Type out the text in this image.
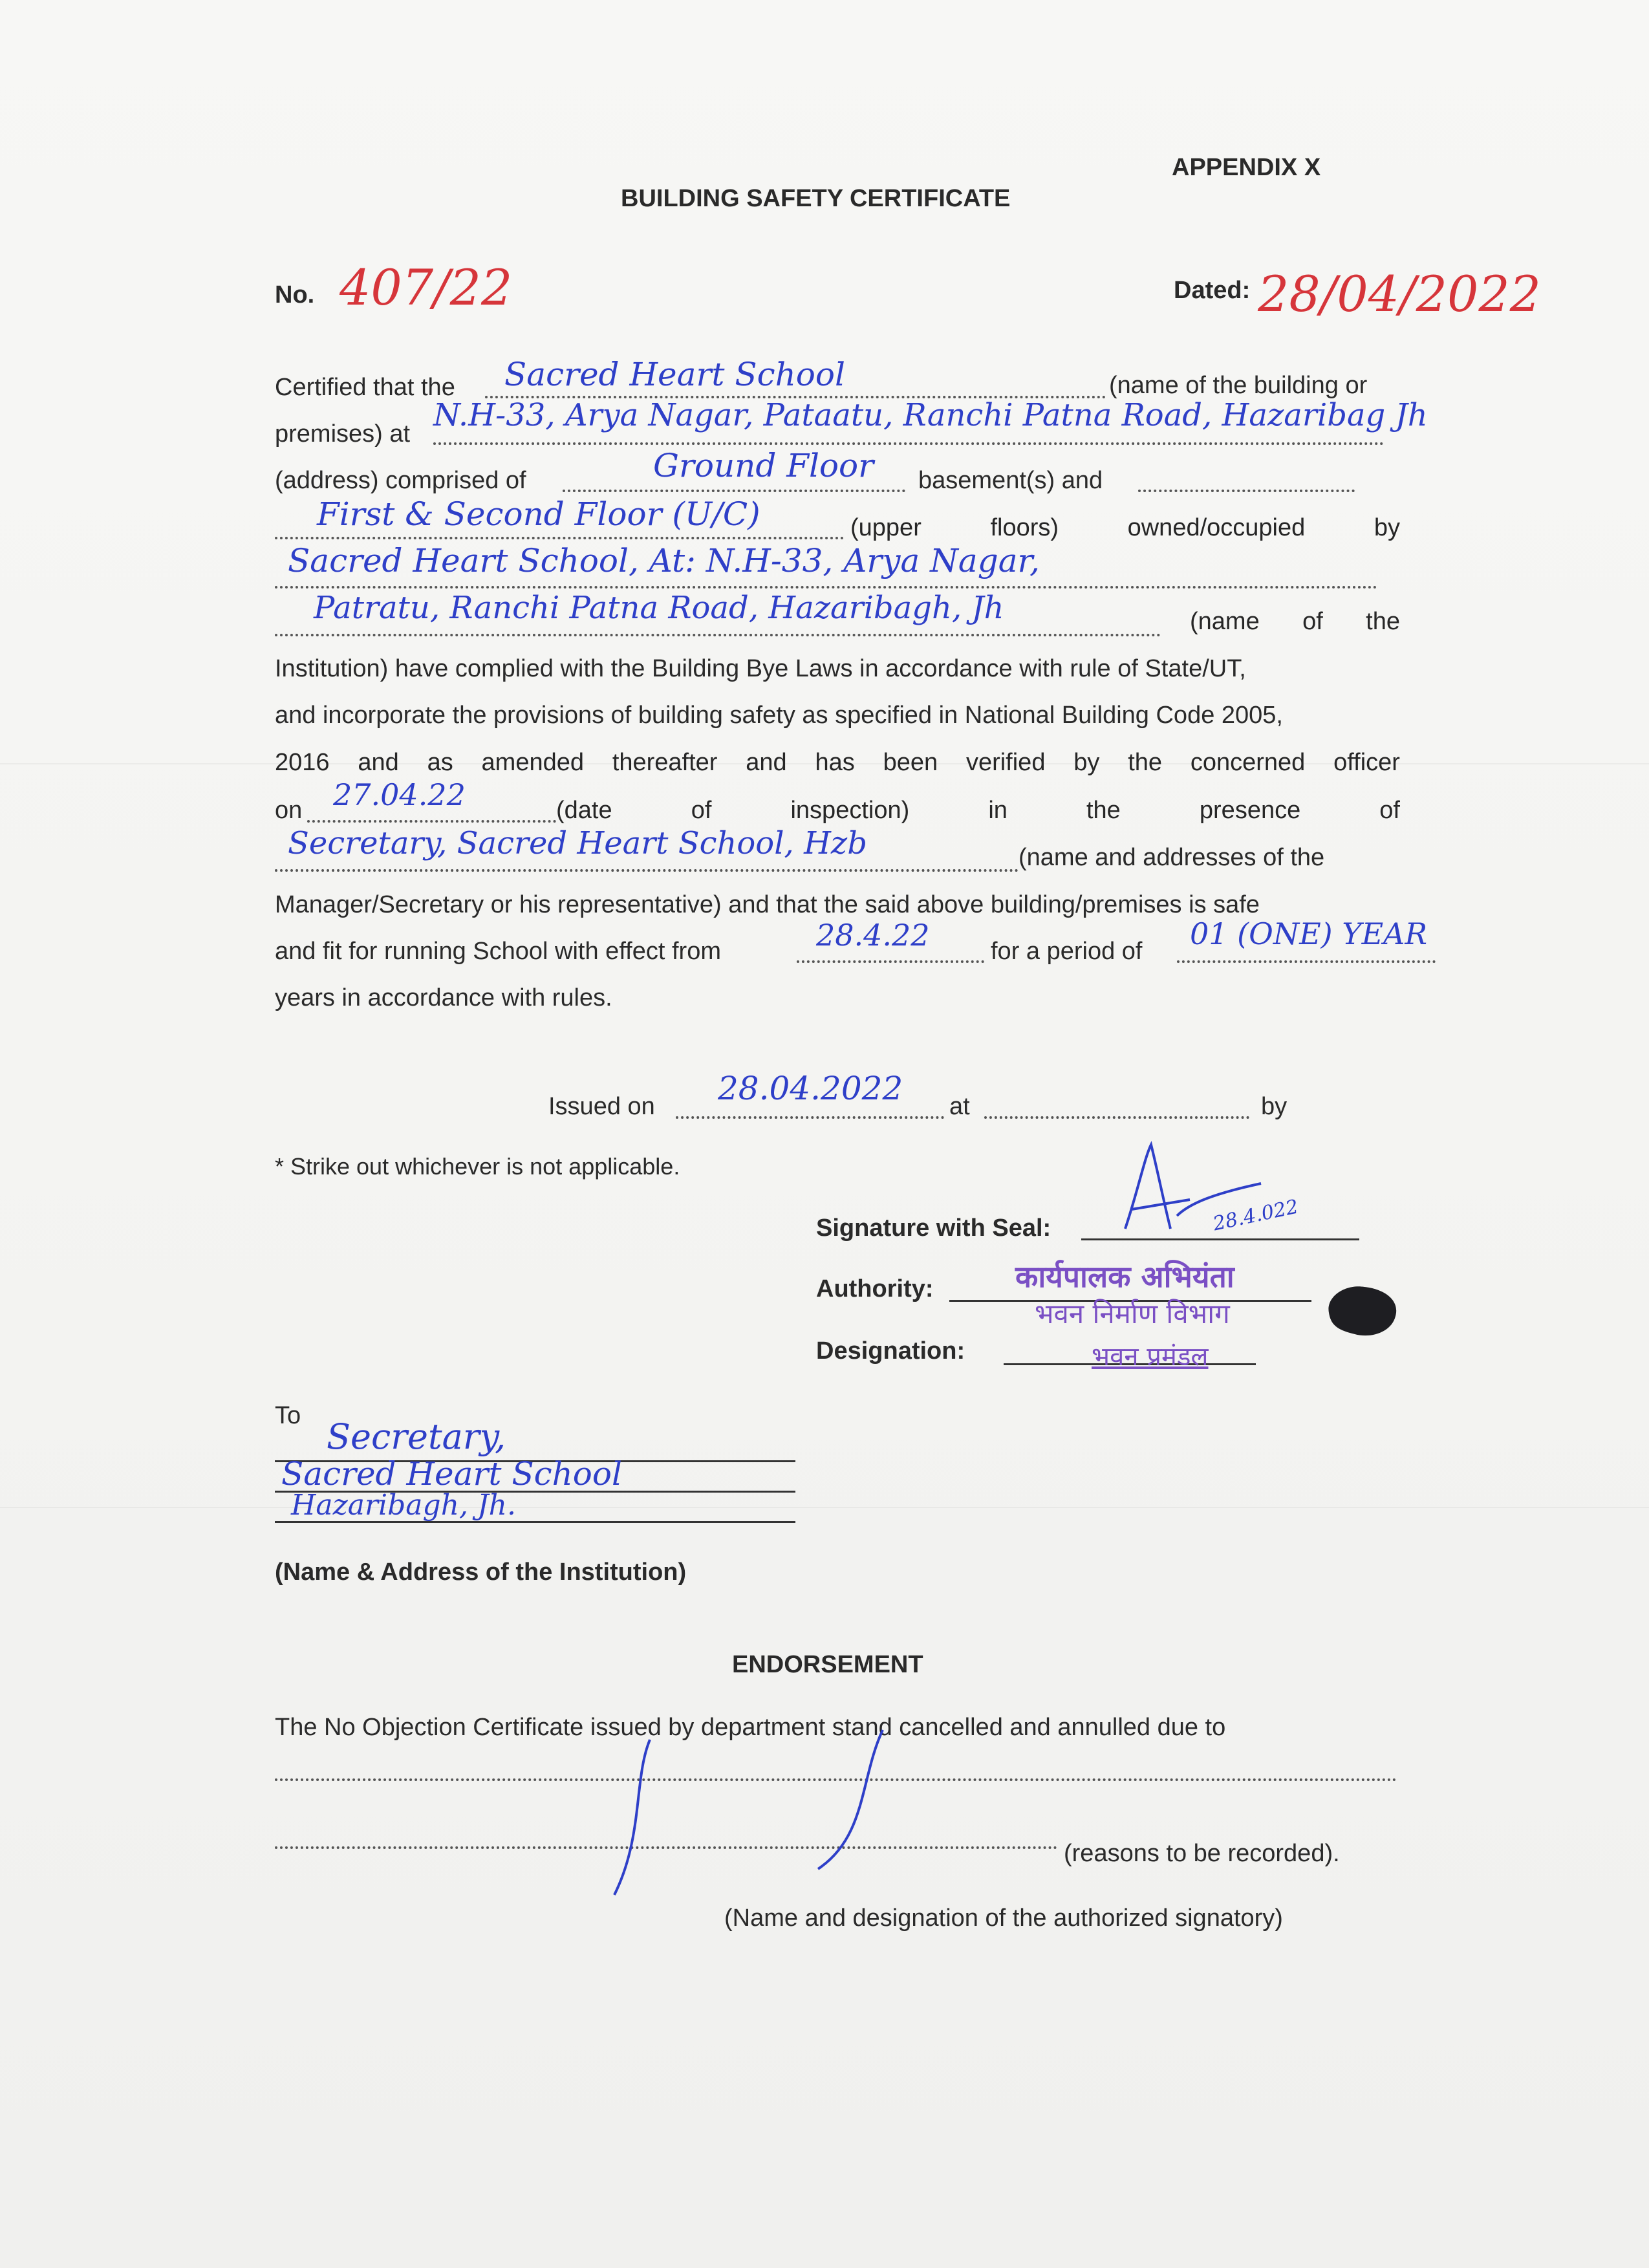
APPENDIX X
BUILDING SAFETY CERTIFICATE
No. 407/22	Dated: 28/04/2022
Certified that the Sacred Heart School	(name of the building or
premises) at
N.H-33, Arya Nagar, Pataatu, Ranchi Patna Road, Hazaribag Jh
(address) comprised of	Ground Floor basement(s) and
First & Second Floor (U/C)	(upper	floors)	owned/occupied	by
Sacred Heart School, At: N.H-33, Arya Nagar,
Patratu, Ranchi Patna Road, Hazaribagh, Jh	(name of the
Institution) have complied with the Building Bye Laws in accordance with rule of State/UT,
and incorporate the provisions of building safety as specified in National Building Code 2005,
2016 and as amended thereafter and has been verified by the concerned officer
on 27.04.22	(date	of	inspection)	in	the	presence	of
Secretary, Sacred Heart School, Hzb	(name and addresses of the
Manager/Secretary or his representative) and that the said above building/premises is safe
and fit for running School with effect from	28.4.22 for a period of 01 (ONE) YEAR
years in accordance with rules.
Issued on 28.04.2022 at	by
* Strike out whichever is not applicable.
Signature with Seal:	28.4.022
Authority:	कार्यपालक अभियंता
भवन निर्माण विभाग
Designation:	भवन प्रमंडल
To
Secretary,
Sacred Heart School
Hazaribagh, Jh.
(Name & Address of the Institution)
ENDORSEMENT
The No Objection Certificate issued by department stand cancelled and annulled due to
(reasons to be recorded).
(Name and designation of the authorized signatory)
